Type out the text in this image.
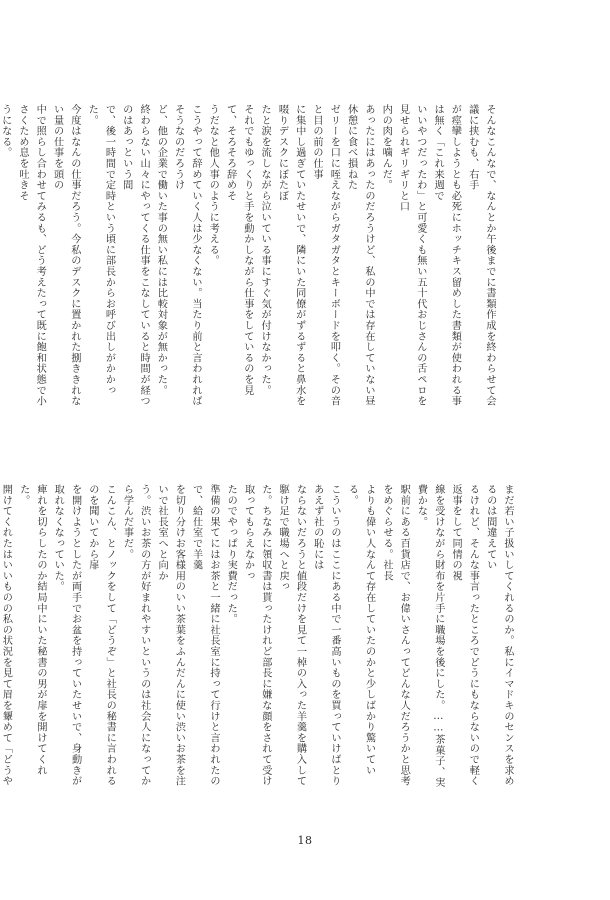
そんなこんなで、なんとか午後までに書類作成を終わらせて会議に挟むも、右手

が痙攣しようとも必死にホッチキス留めした書類が使われる事は無く「これ来週で

いいやつだったわ」と可愛くも無い五十代おじさんの舌ペロを見せられギリギリと口

内の肉を噛んだ。

あったにはあったのだろうけど、私の中では存在していない昼休憩に食べ損ねた

ゼリーを口に咥えながらガタガタとキーボードを叩く。その音と目の前の仕事

に集中し過ぎていたせいで、隣にいた同僚がずるずると鼻水を啜りデスクにぼたぼ

たと涙を流しながら泣いている事にすぐ気が付けなかった。

それでもゆっくりと手を動かしながら仕事をしているのを見て、そろそろ辞めそ

うだなと他人事のように考える。

こうやって辞めていく人は少なくない。当たり前と言われればそうなのだろうけ

ど、他の企業で働いた事の無い私には比較対象が無かった。

終わらない山々にやってくる仕事をこなしていると時間が経つのはあっという間

で、後一時間で定時という頃に部長からお呼び出しがかかった。

今度はなんの仕事だろう。今私のデスクに置かれた捌ききれない量の仕事を頭の

中で照らし合わせてみるも、どう考えたって既に飽和状態で小さくため息を吐きそ

うになる。

まだ若い子扱いしてくれるのか。私にイマドキのセンスを求めるのは間違えてい

るけれど、そんな事言ったところでどうにもならないので軽く返事をして同情の視

線を受けながら財布を片手に職場を後にした。……茶菓子、実費かな。

駅前にある百貨店で、お偉いさんってどんな人だろうかと思考をめぐらせる。社長

よりも偉い人なんて存在していたのかと少しばかり驚いている。

こういうのはここにある中で一番高いものを買っていけばとりあえず社の恥には

ならないだろうと値段だけを見て一棹の入った羊羹を購入して駆け足で職場へと戻っ

た。ちなみに領収書は貰ったけれど部長に嫌な顔をされて受け取ってもらえなかっ

たのでやっぱり実費だった。

準備の果てにはお茶と一緒に社長室に持って行けと言われたので、給仕室で羊羹

を切り分けお客様用のいい茶葉をふんだんに使い渋いお茶を注いで社長室へと向か

う。渋いお茶の方が好まれやすいというのは社会人になってから学んだ事だ。

こんこん、とノックをして「どうぞ」と社長の秘書に言われるのを聞いてから扉

を開けようとしたが両手でお盆を持っていたせいで、身動きが取れなくなっていた。

痺れを切らしたのか結局中にいた秘書の男が扉を開けてくれた。

開けてくれたはいいものの私の状況を見て眉を顰めて「どうや

18
